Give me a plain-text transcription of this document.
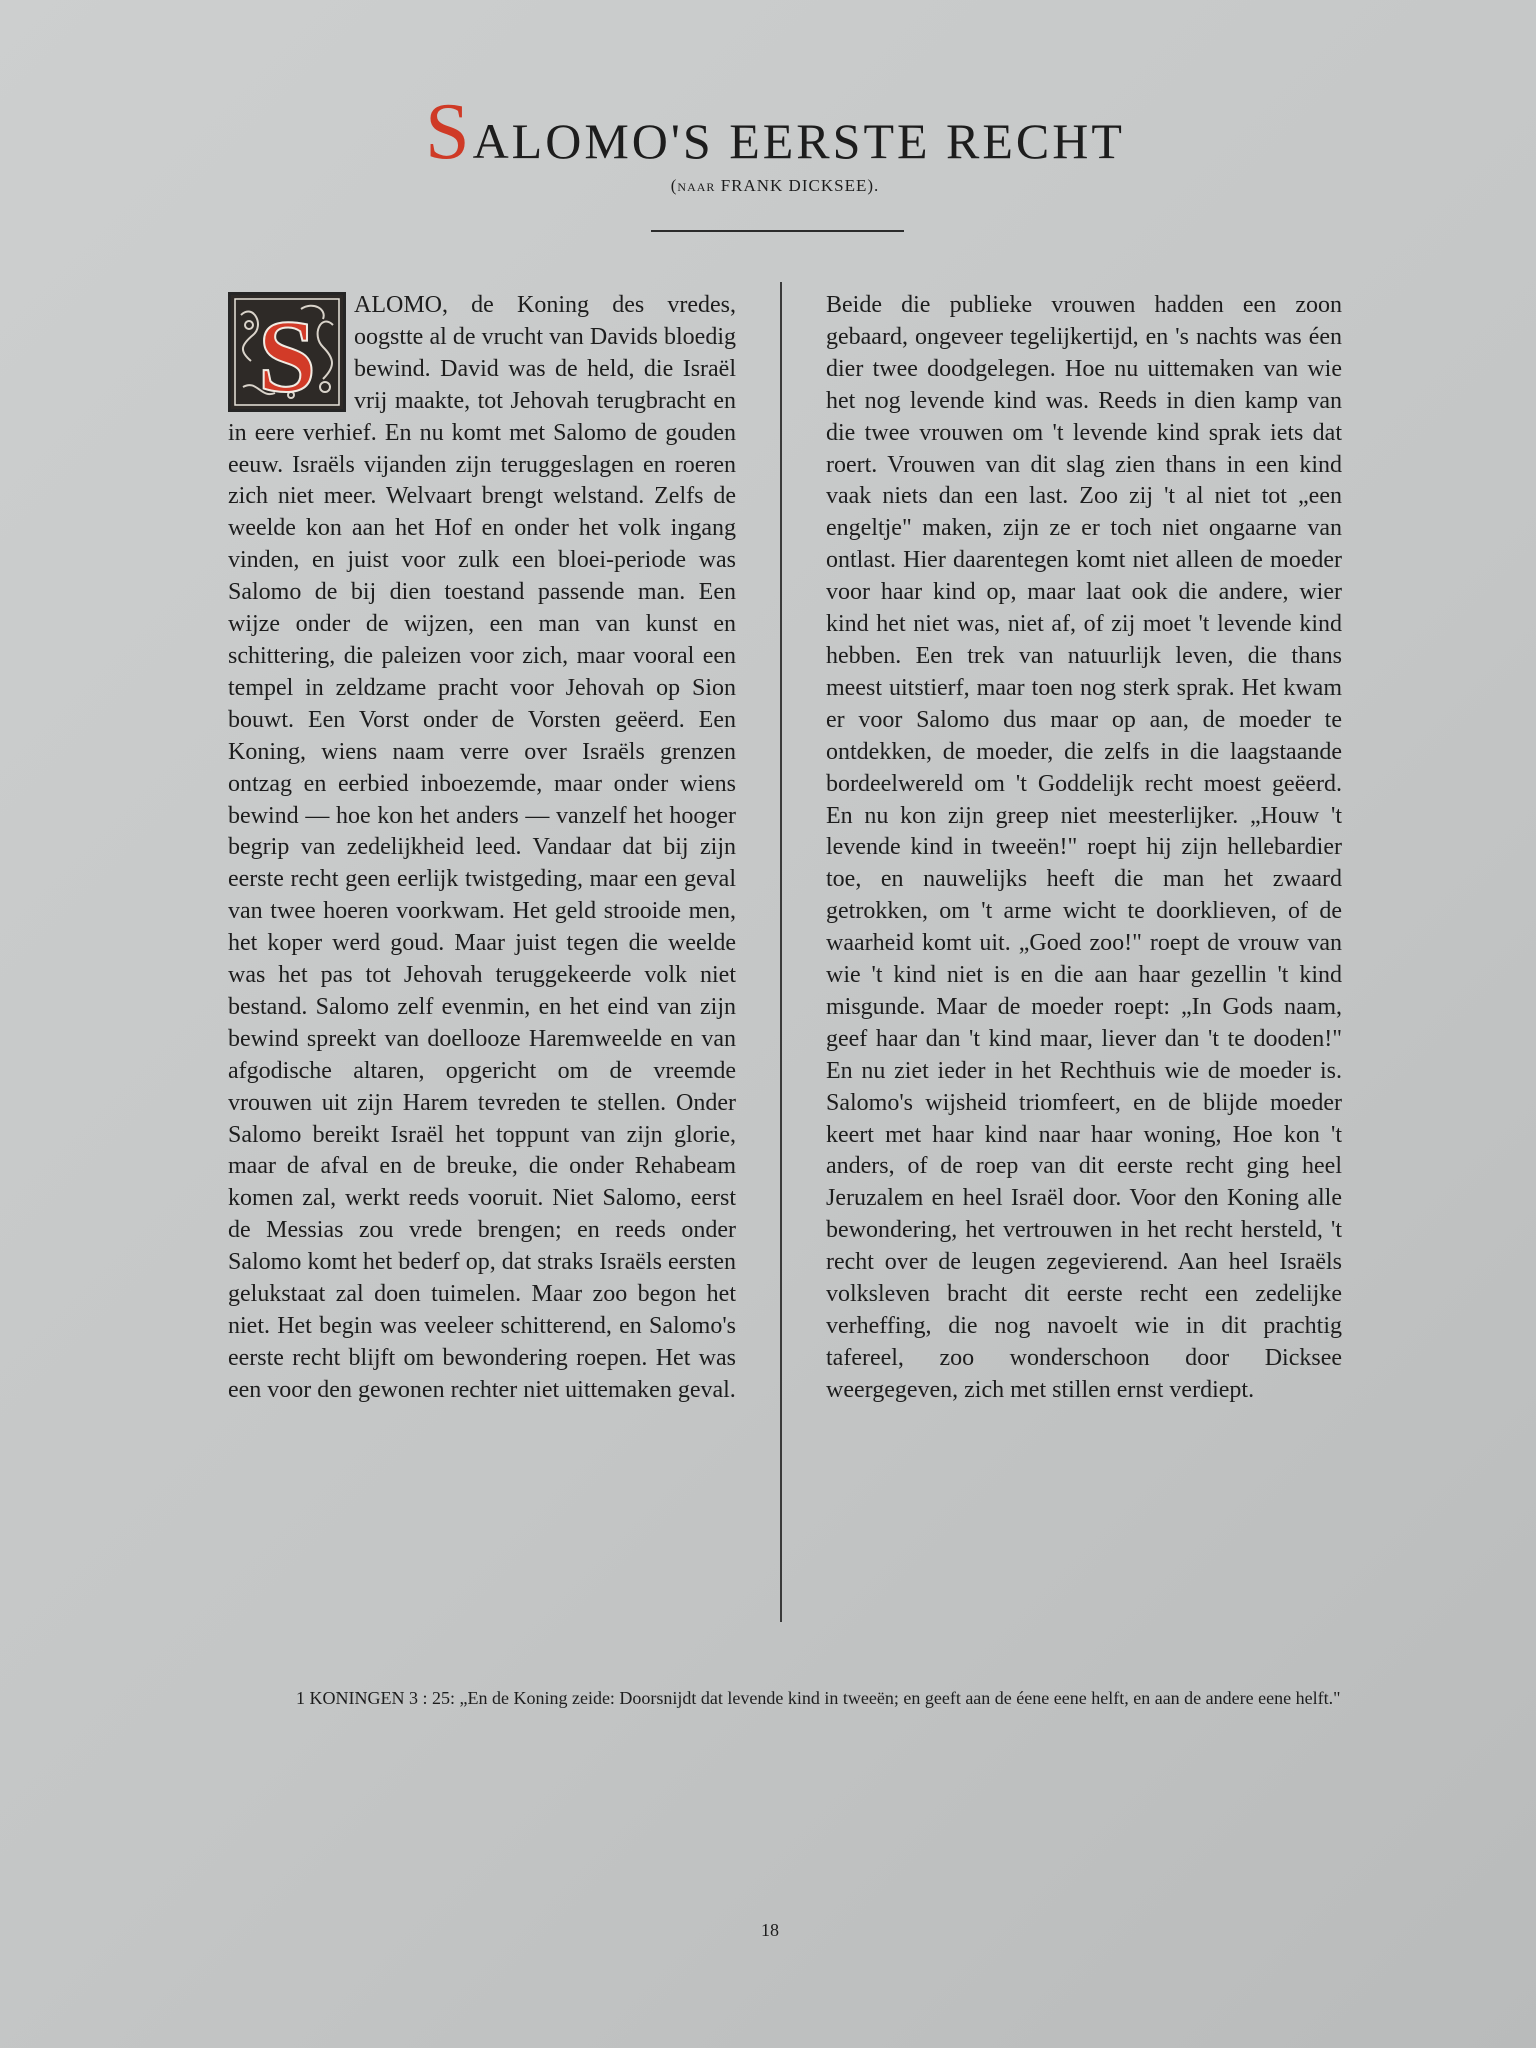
SALOMO'S EERSTE RECHT
(NAAR FRANK DICKSEE).
S	ALOMO, de Koning des vredes, oogstte al de vrucht van Davids bloedig bewind. David was de held, die Israël vrij maakte, tot Jehovah terugbracht en in eere verhief. En nu komt met Salomo de gouden eeuw. Israëls vijanden zijn teruggeslagen en roeren zich niet meer. Welvaart brengt welstand. Zelfs de weelde kon aan het Hof en onder het volk ingang vinden, en juist voor zulk een bloei-periode was Salomo de bij dien toestand passende man. Een wijze onder de wijzen, een man van kunst en schittering, die paleizen voor zich, maar vooral een tempel in zeldzame pracht voor Jehovah op Sion bouwt. Een Vorst onder de Vorsten geëerd. Een Koning, wiens naam verre over Israëls grenzen ontzag en eerbied inboezemde, maar onder wiens bewind — hoe kon het anders — vanzelf het hooger begrip van zedelijkheid leed. Vandaar dat bij zijn eerste recht geen eerlijk twistgeding, maar een geval van twee hoeren voorkwam. Het geld strooide men, het koper werd goud. Maar juist tegen die weelde was het pas tot Jehovah teruggekeerde volk niet bestand. Salomo zelf evenmin, en het eind van zijn bewind spreekt van doellooze Haremweelde en van afgodische altaren, opgericht om de vreemde vrouwen uit zijn Harem tevreden te stellen. Onder Salomo bereikt Israël het toppunt van zijn glorie, maar de afval en de breuke, die onder Rehabeam komen zal, werkt reeds vooruit. Niet Salomo, eerst de Messias zou vrede brengen; en reeds onder Salomo komt het bederf op, dat straks Israëls eersten gelukstaat zal doen tuimelen. Maar zoo begon het niet. Het begin was veeleer schitterend, en Salomo's eerste recht blijft om bewondering roepen. Het was een voor den gewonen rechter niet uittemaken geval.

Beide die publieke vrouwen hadden een zoon gebaard, ongeveer tegelijkertijd, en 's nachts was éen dier twee doodgelegen. Hoe nu uittemaken van wie het nog levende kind was. Reeds in dien kamp van die twee vrouwen om 't levende kind sprak iets dat roert. Vrouwen van dit slag zien thans in een kind vaak niets dan een last. Zoo zij 't al niet tot „een engeltje" maken, zijn ze er toch niet ongaarne van ontlast. Hier daarentegen komt niet alleen de moeder voor haar kind op, maar laat ook die andere, wier kind het niet was, niet af, of zij moet 't levende kind hebben. Een trek van natuurlijk leven, die thans meest uitstierf, maar toen nog sterk sprak. Het kwam er voor Salomo dus maar op aan, de moeder te ontdekken, de moeder, die zelfs in die laagstaande bordeelwereld om 't Goddelijk recht moest geëerd. En nu kon zijn greep niet meesterlijker. „Houw 't levende kind in tweeën!" roept hij zijn hellebardier toe, en nauwelijks heeft die man het zwaard getrokken, om 't arme wicht te doorklieven, of de waarheid komt uit. „Goed zoo!" roept de vrouw van wie 't kind niet is en die aan haar gezellin 't kind misgunde. Maar de moeder roept: „In Gods naam, geef haar dan 't kind maar, liever dan 't te dooden!" En nu ziet ieder in het Rechthuis wie de moeder is. Salomo's wijsheid triomfeert, en de blijde moeder keert met haar kind naar haar woning, Hoe kon 't anders, of de roep van dit eerste recht ging heel Jeruzalem en heel Israël door. Voor den Koning alle bewondering, het vertrouwen in het recht hersteld, 't recht over de leugen zegevierend. Aan heel Israëls volksleven bracht dit eerste recht een zedelijke verheffing, die nog navoelt wie in dit prachtig tafereel, zoo wonderschoon door Dicksee weergegeven, zich met stillen ernst verdiept.

1 KONINGEN 3 : 25: „En de Koning zeide: Doorsnijdt dat levende kind in tweeën; en geeft aan de éene eene helft, en aan de andere eene helft."
18
